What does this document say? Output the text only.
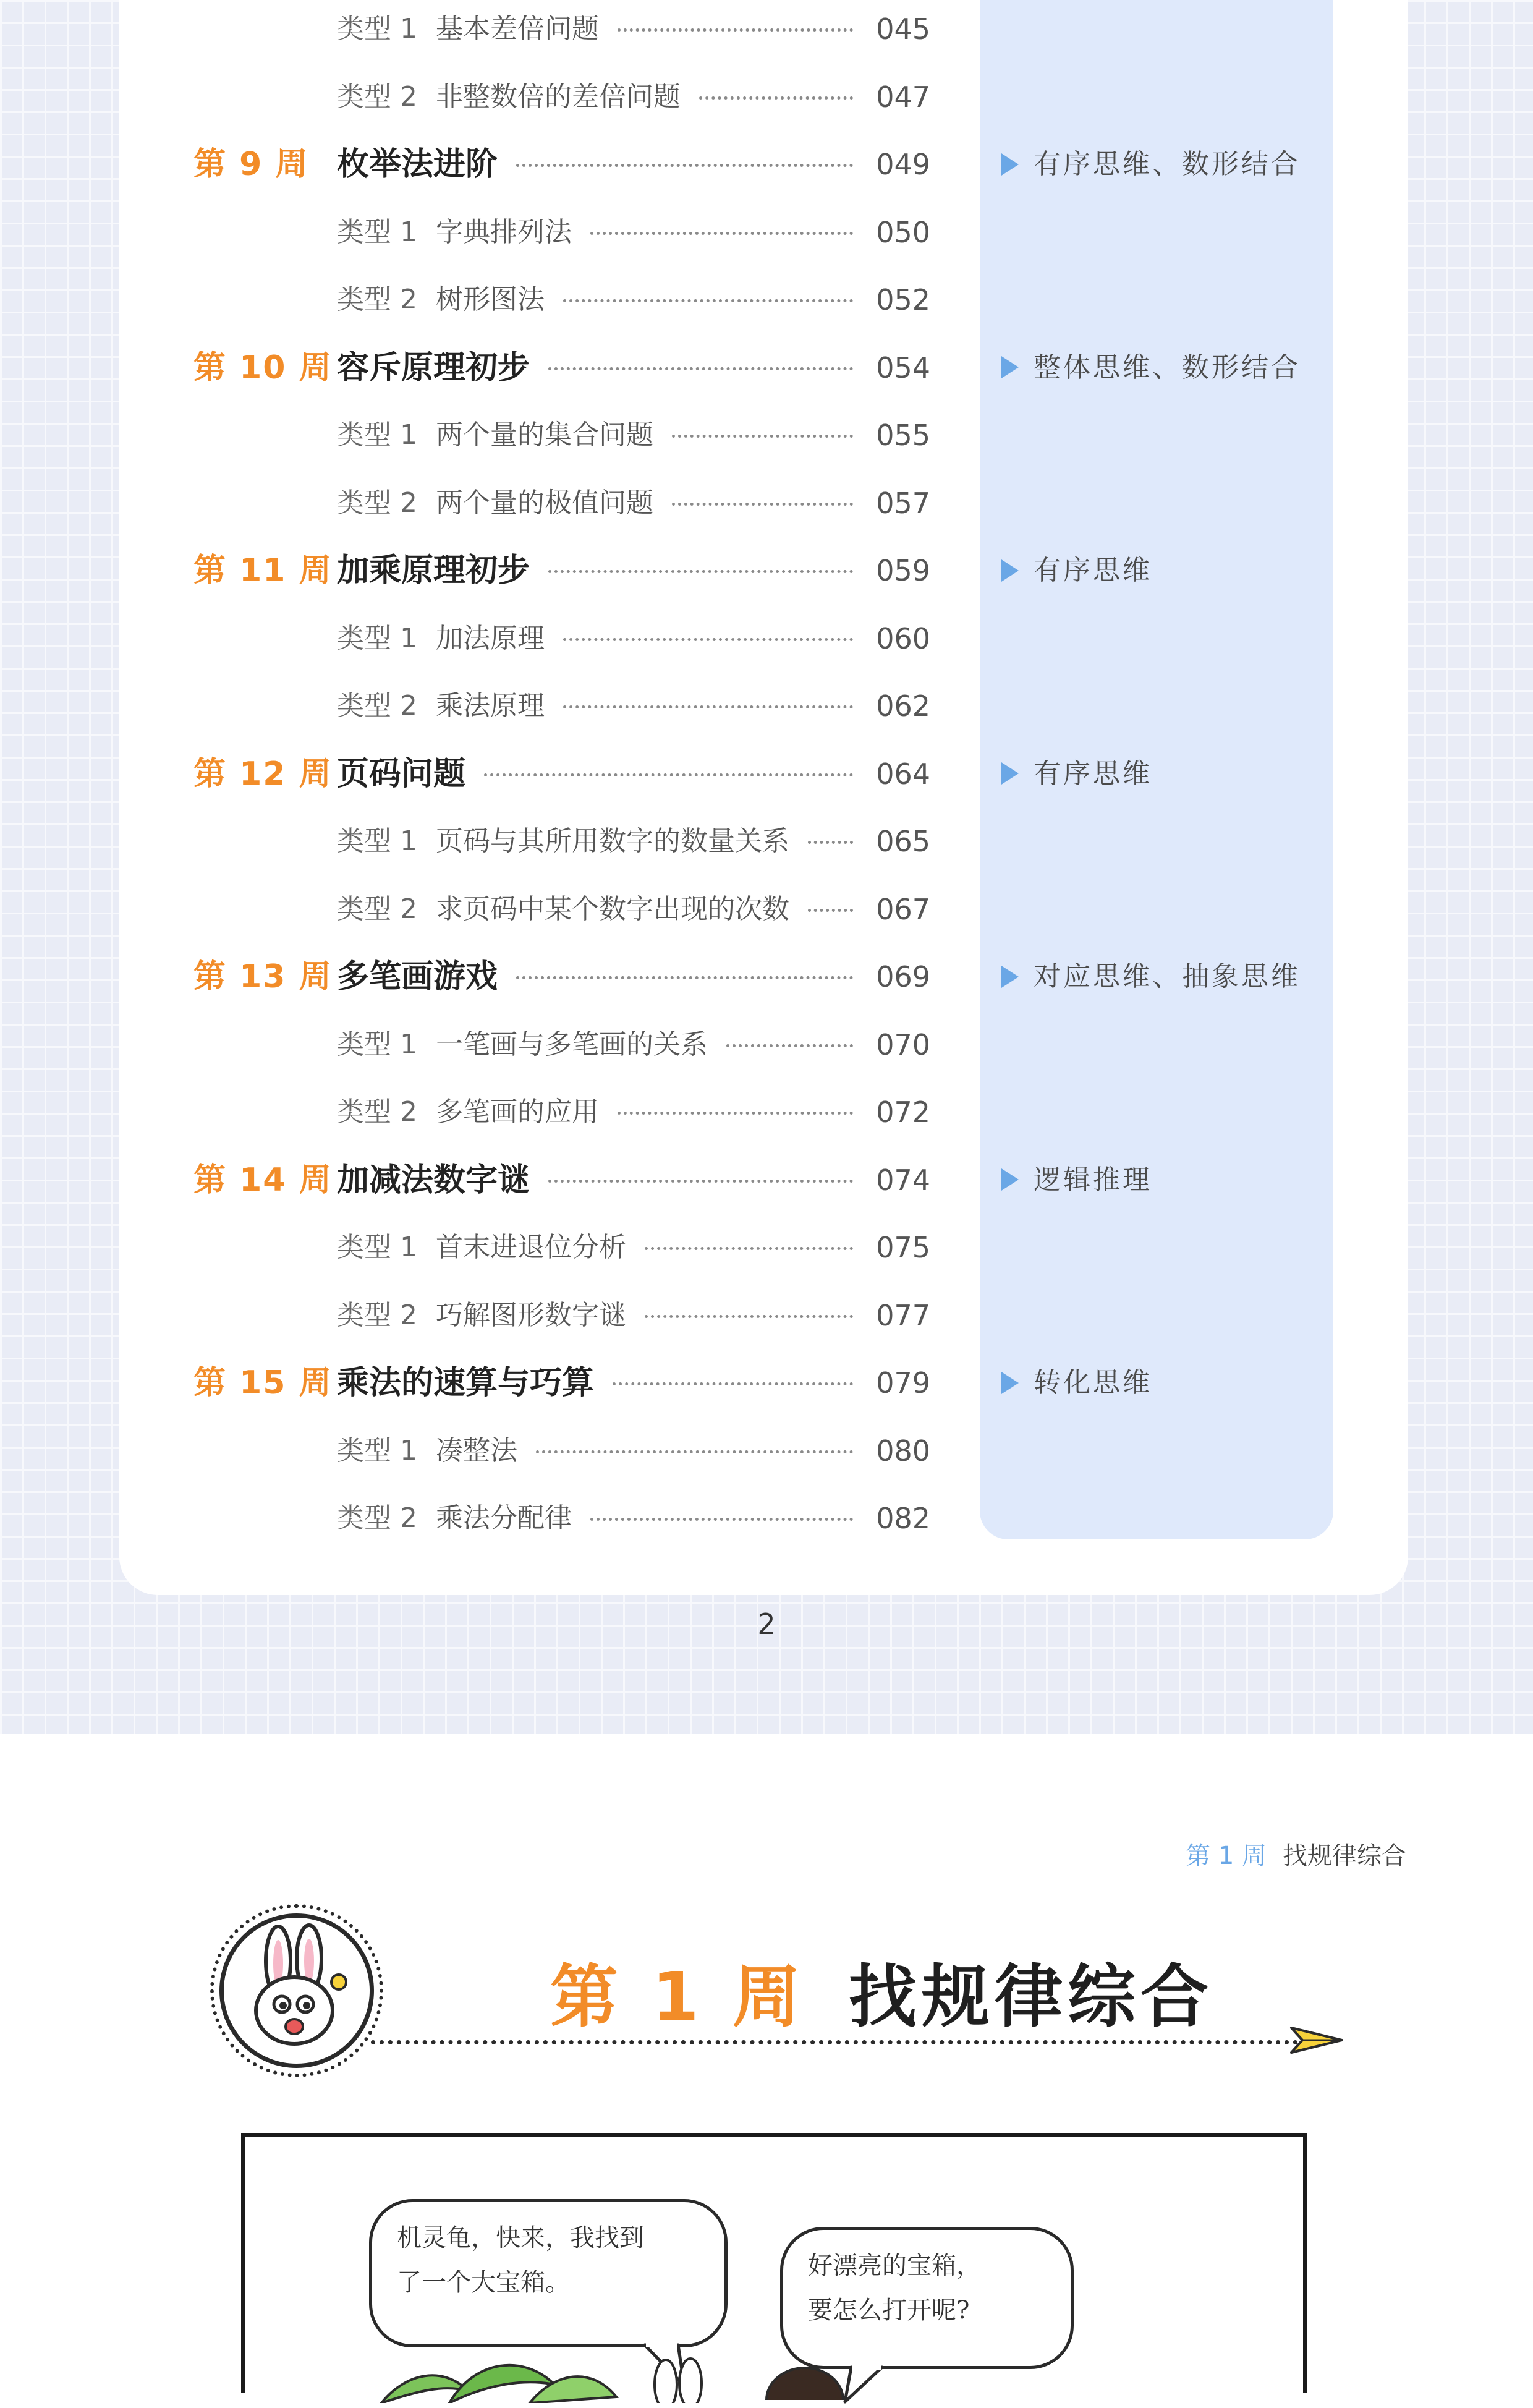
类型 1 基本差倍问题	045
类型 2 非整数倍的差倍问题	047
第 9 周 枚举法进阶	049	有序思维、数形结合
类型 1 字典排列法	050
类型 2 树形图法	052
第 10 周 容斥原理初步	054	整体思维、数形结合
类型 1 两个量的集合问题	055
类型 2 两个量的极值问题	057
第 11 周 加乘原理初步	059	有序思维
类型 1 加法原理	060
类型 2 乘法原理	062
第 12 周 页码问题	064	有序思维
类型 1 页码与其所用数字的数量关系	065
类型 2 求页码中某个数字出现的次数	067
第 13 周 多笔画游戏	069	对应思维、抽象思维
类型 1 一笔画与多笔画的关系	070
类型 2 多笔画的应用	072
第 14 周 加减法数字谜	074	逻辑推理
类型 1 首末进退位分析	075
类型 2 巧解图形数字谜	077
第 15 周 乘法的速算与巧算	079	转化思维
类型 1 凑整法	080
类型 2 乘法分配律	082
2
第 1 周 找规律综合
第 1 周 找规律综合
机灵龟，快来，我找到
了一个大宝箱。
好漂亮的宝箱，
要怎么打开呢?
